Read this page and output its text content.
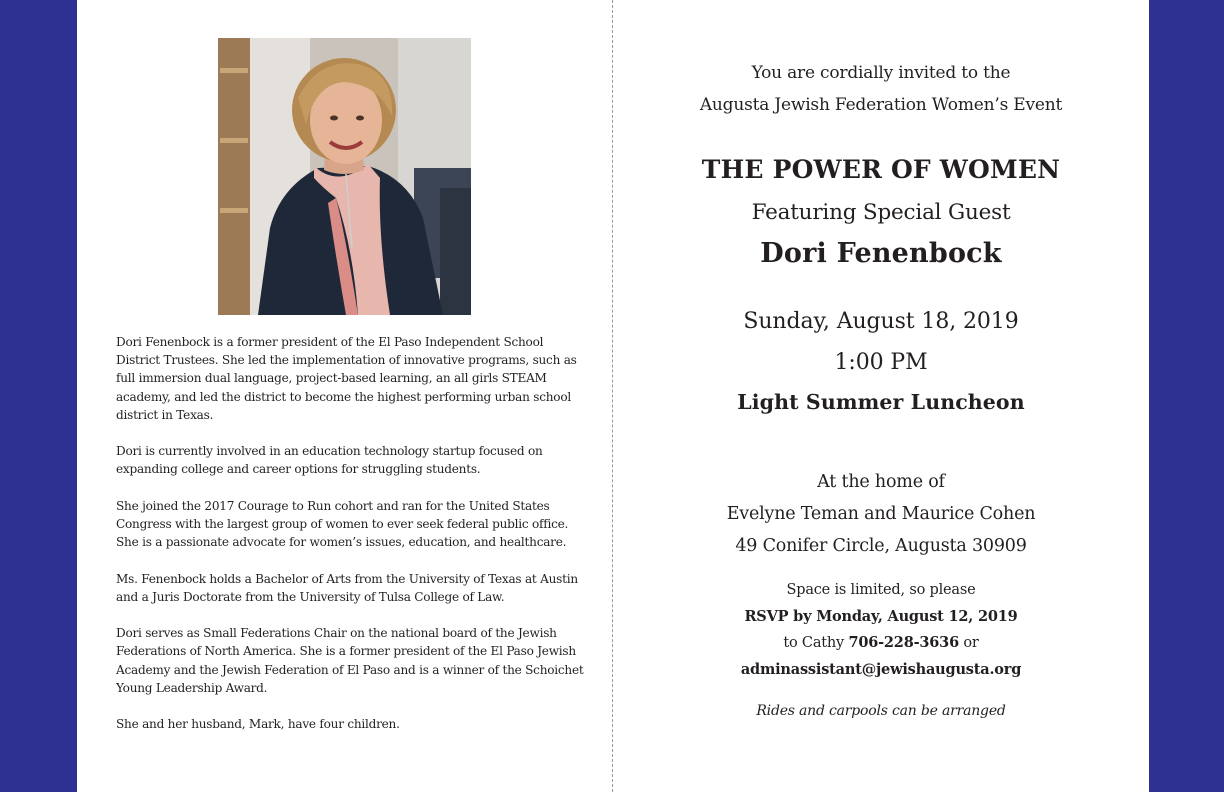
Dori Fenenbock is a former president of the El Paso Independent School District Trustees. She led the implementation of innovative programs, such as full immersion dual language, project-based learning, an all girls STEAM academy, and led the district to become the highest performing urban school district in Texas.

Dori is currently involved in an education technology startup focused on expanding college and career options for struggling students.

She joined the 2017 Courage to Run cohort and ran for the United States Congress with the largest group of women to ever seek federal public office. She is a passionate advocate for women’s issues, education, and healthcare.

Ms. Fenenbock holds a Bachelor of Arts from the University of Texas at Austin and a Juris Doctorate from the University of Tulsa College of Law.

Dori serves as Small Federations Chair on the national board of the Jewish Federations of North America. She is a former president of the El Paso Jewish Academy and the Jewish Federation of El Paso and is a winner of the Schoichet Young Leadership Award.

She and her husband, Mark, have four children.

You are cordially invited to the
Augusta Jewish Federation Women’s Event
THE POWER OF WOMEN
Featuring Special Guest
Dori Fenenbock
Sunday, August 18, 2019
1:00 PM
Light Summer Luncheon
At the home of
Evelyne Teman and Maurice Cohen
49 Conifer Circle, Augusta 30909
Space is limited, so please
RSVP by Monday, August 12, 2019
to Cathy 706-228-3636 or
adminassistant@jewishaugusta.org
Rides and carpools can be arranged
